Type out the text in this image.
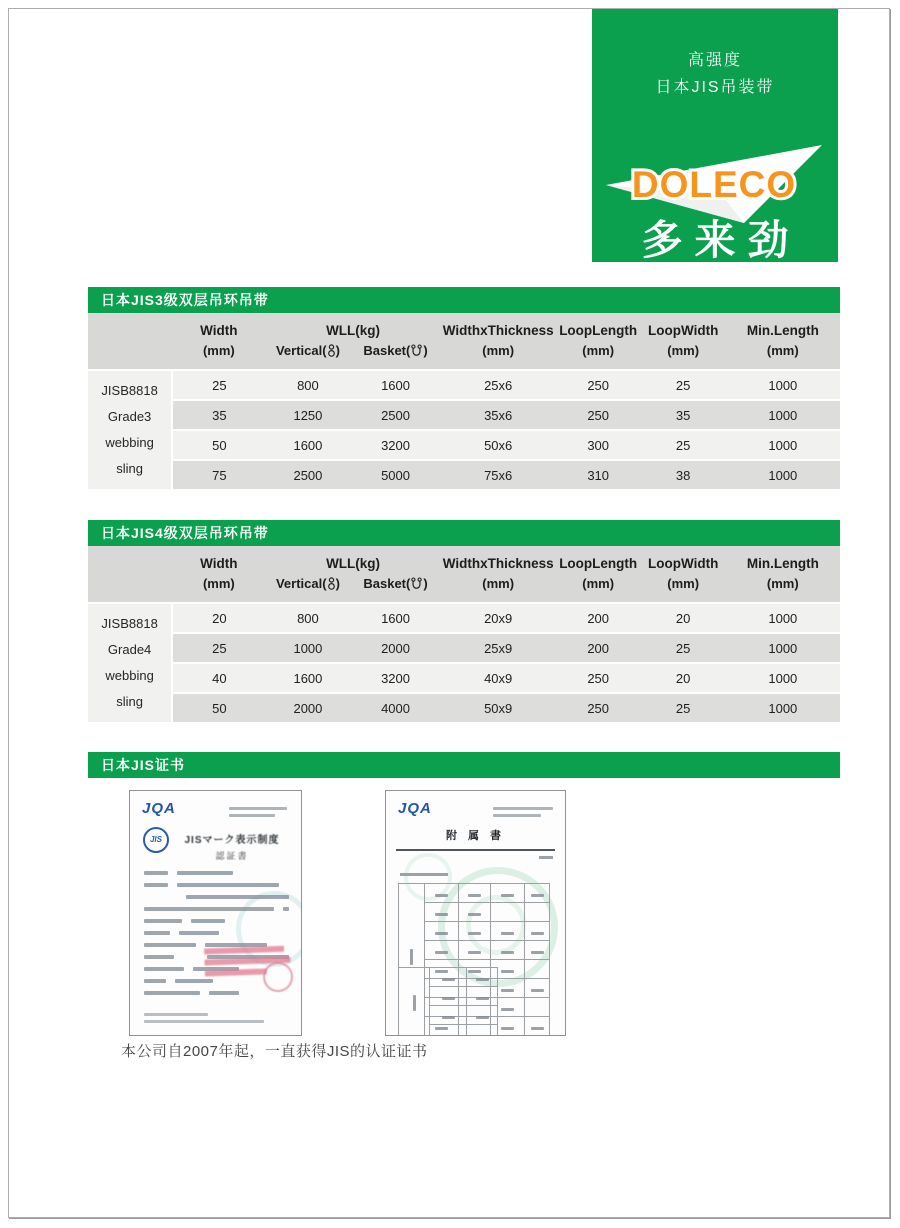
高强度
日本JIS吊装带
DOLECO
多来劲
日本JIS3级双层吊环吊带
日本JIS4级双层吊环吊带
日本JIS证书
	Width	WLL(kg)		WidthxThickness	LoopLength	LoopWidth	Min.Length
	(mm)	Vertical(  )	Basket(  )	(mm)	(mm)	(mm)	(mm)

JISB8818
Grade3
webbing
sling	25	800	1600	25x6	250	25	1000
	35	1250	2500	35x6	250	35	1000
	50	1600	3200	50x6	300	25	1000
	75	2500	5000	75x6	310	38	1000
	Width	WLL(kg)		WidthxThickness	LoopLength	LoopWidth	Min.Length
	(mm)	Vertical(  )	Basket(  )	(mm)	(mm)	(mm)	(mm)

JISB8818
Grade4
webbing
sling	20	800	1600	20x9	200	20	1000
	25	1000	2000	25x9	200	25	1000
	40	1600	3200	40x9	250	20	1000
	50	2000	4000	50x9	250	25	1000
JQA
JIS	JISマーク表示制度
認証書
JQA
附 属 書

本公司自2007年起，一直获得JIS的认证证书
